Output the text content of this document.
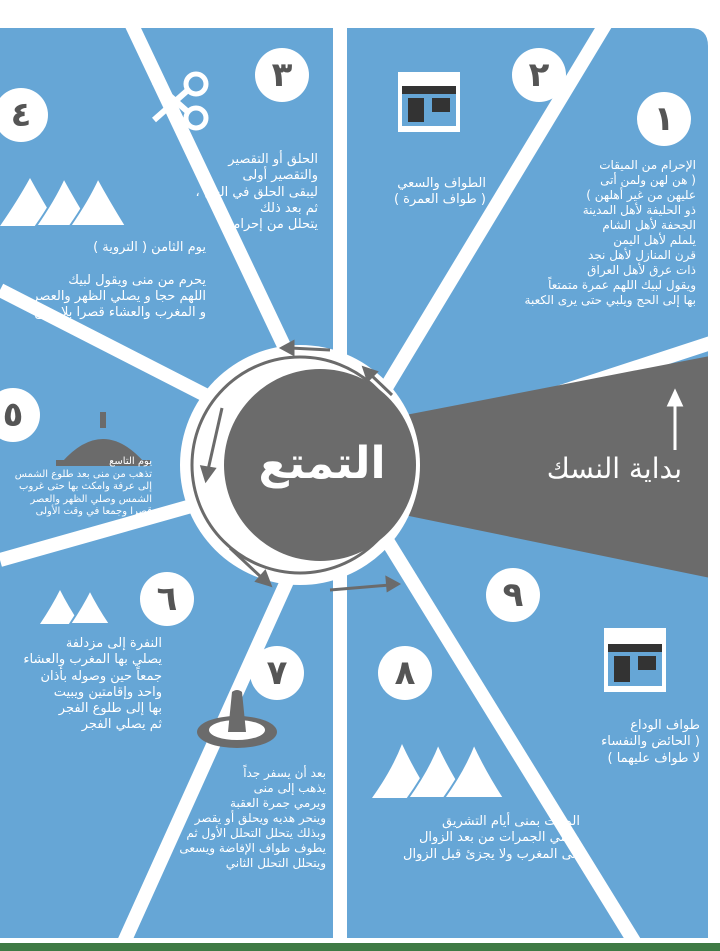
التمتع	بداية النسك
١
٢
٣
٤
٥
٦
٧	٨
٩
الإحرام من الميقات
( هن لهن ولمن أتى
عليهن من غير أهلهن )
ذو الحليفة لأهل المدينة
الجحفة لأهل الشام
يلملم لأهل اليمن
قرن المنازل لأهل نجد
ذات عرق لأهل العراق
ويقول لبيك اللهم عمرة متمتعاً
بها إلى الحج ويلبي حتى يرى الكعبة
الطواف والسعي
( طواف العمرة )
الحلق أو التقصير
والتقصير أولى
ليبقى الحلق في الحج ،
ثم بعد ذلك
يتحلل من إحرامه
يوم الثامن ( التروية )

يحرم من منى ويقول لبيك
اللهم حجا و يصلي الظهر والعصر
و المغرب والعشاء قصرا بلا جمع
يوم التاسع
تذهب من منى بعد طلوع الشمس
إلى عرفة وامكث بها حتى غروب
الشمس وصلي الظهر والعصر
قصرا وجمعا في وقت الأولى
النفرة إلى مزدلفة
يصلي بها المغرب والعشاء
جمعاً حين وصوله بأذان
واحد وإقامتين ويبيت
بها إلى طلوع الفجر
ثم يصلي الفجر
بعد أن يسفر جداً
يذهب إلى منى
ويرمي جمرة العقبة
وينحر هديه ويحلق أو يقصر
وبذلك يتحلل التحلل الأول ثم
يطوف طواف الإفاضة ويسعى
ويتحلل التحلل الثاني
المبيت بمنى أيام التشريق
ورمي الجمرات من بعد الزوال
إلى المغرب ولا يجزئ قبل الزوال
طواف الوداع
( الحائض والنفساء
لا طواف عليهما )
